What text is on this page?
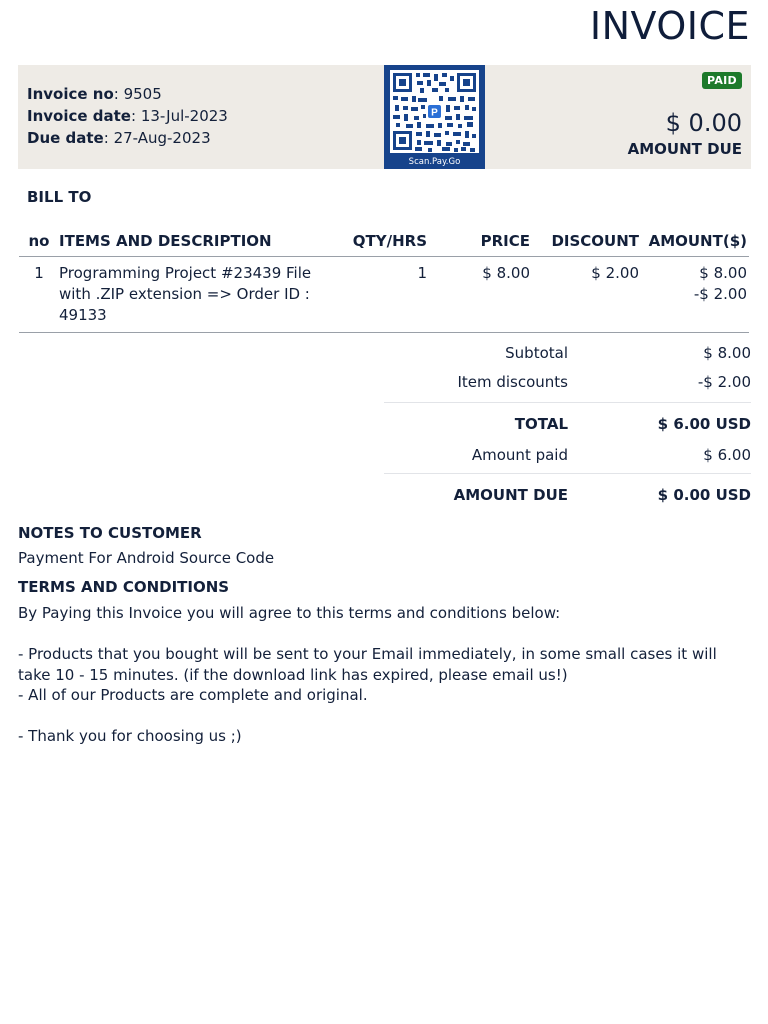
INVOICE
Invoice no: 9505
Invoice date: 13-Jul-2023
Due date: 27-Aug-2023
P
Scan.Pay.Go
PAID
$ 0.00
AMOUNT DUE
BILL TO
no	ITEMS AND DESCRIPTION	QTY/HRS	PRICE	DISCOUNT	AMOUNT($)
1	Programming Project #23439 File with .ZIP extension => Order ID : 49133	1	$ 8.00	$ 2.00	$ 8.00
-$ 2.00
Subtotal	$ 8.00
Item discounts	-$ 2.00
TOTAL	$ 6.00 USD
Amount paid	$ 6.00
AMOUNT DUE	$ 0.00 USD
NOTES TO CUSTOMER
Payment For Android Source Code
TERMS AND CONDITIONS
By Paying this Invoice you will agree to this terms and conditions below:

- Products that you bought will be sent to your Email immediately, in some small cases it will take 10 - 15 minutes. (if the download link has expired, please email us!)
- All of our Products are complete and original.

- Thank you for choosing us ;)
